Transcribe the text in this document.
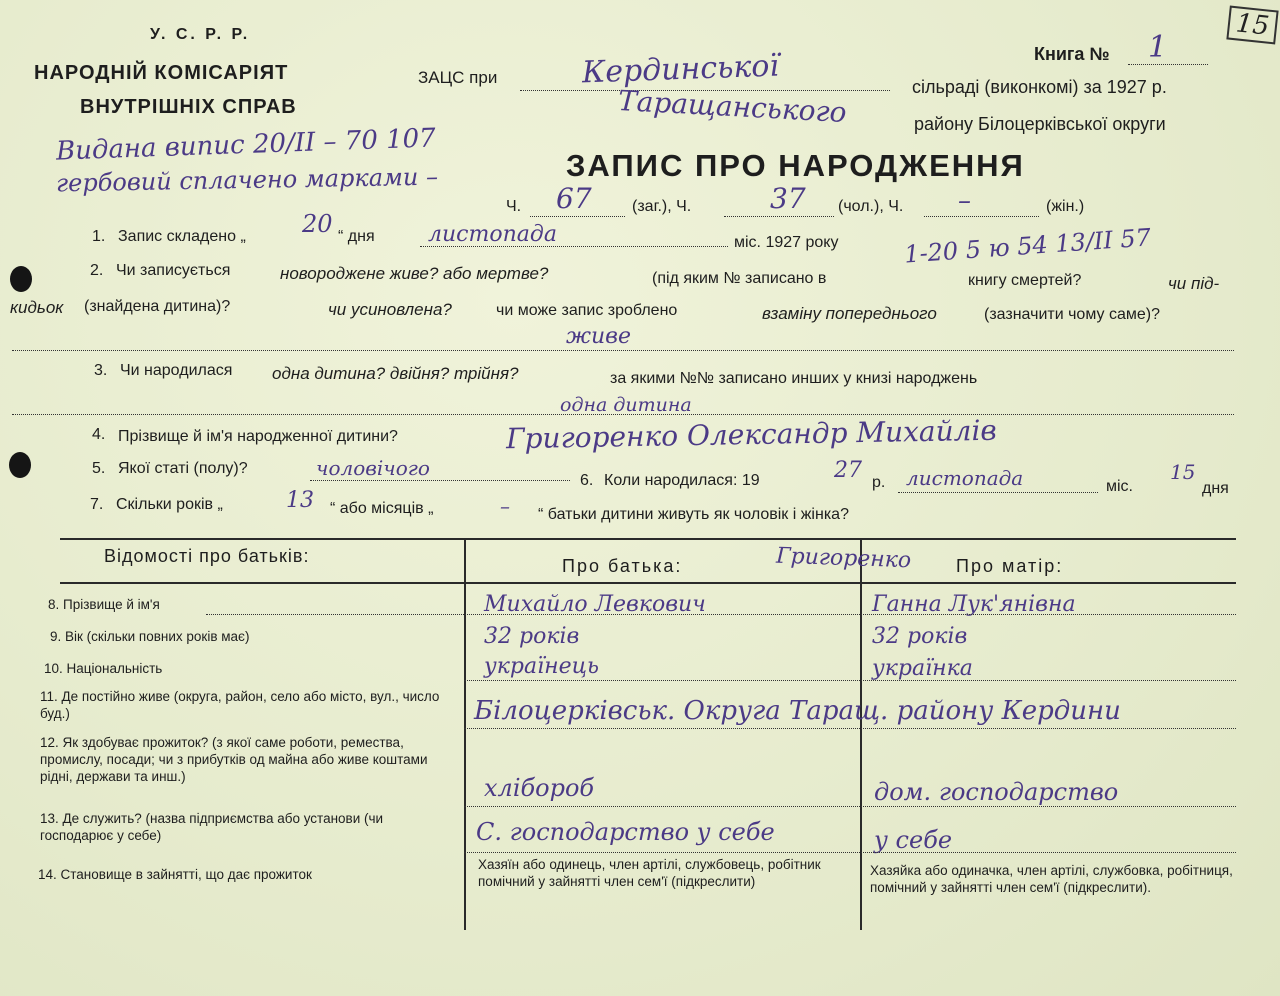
У. С. Р. Р.
НАРОДНІЙ КОМІСАРІЯТ
ВНУТРІШНІХ СПРАВ
ЗАЦС при	Кердинської
Таращанського
Книга № 1
15
сільраді (виконкомі) за 1927 р.
району Білоцерківської округи
Видана випис 20/ІІ – 70 107
гербовий сплачено марками –	ЗАПИС ПРО НАРОДЖЕННЯ
Ч. 67	(заг.), Ч.	37 (чол.), Ч. –	(жін.)
1. Запис складено „ 20 “ дня листопада	міс. 1927 року	1-20 5 ю 54 13/ІІ 57
2. Чи записується	новороджене живе? або мертве?	(під яким № записано в	книгу смертей?	чи під-
кидьок (знайдена дитина)?	чи усиновлена?	чи може запис зроблено	взаміну попереднього	(зазначити чому саме)?
живе
3. Чи народилася одна дитина? двійня? трійня?	за якими №№ записано инших у книзі народжень
одна дитина
4. Прізвище й ім'я народженної дитини?	Григоренко Олександр Михайлів
5. Якої статі (полу)?	чоловічого
6. Коли народилася: 19	27 р. листопада	міс.
15
дня
7. Скільки років „	13 “ або місяців „	– “ батьки дитини живуть як чоловік і жінка?
Відомості про батьків:	Про батька:	Григоренко Про матір:
8. Прізвище й ім'я	Михайло Левкович	Ганна Лук'янівна
9. Вік (скільки повних років має)	32 років	32 років
10. Національність	українець	українка
11. Де постійно живе (округа, район, село або місто, вул., число буд.)	Білоцерківськ. Округа Таращ. району Кердини
12. Як здобуває прожиток? (з якої саме роботи, ремества, промислу, посади; чи з прибутків од майна або живе коштами рідні, держави та инш.)	хлібороб	дом. господарство
13. Де служить? (назва підприємства або установи (чи господарює у себе)	С. господарство у себе	у себе
14. Становище в зайнятті, що дає прожиток
Хазяїн або одинець, член артілі, службовець, робітник помічний у зайнятті член сем'ї (підкреслити)
Хазяйка або одиначка, член артілі, службовка, робітниця, помічний у зайнятті член сем'ї (підкреслити).
